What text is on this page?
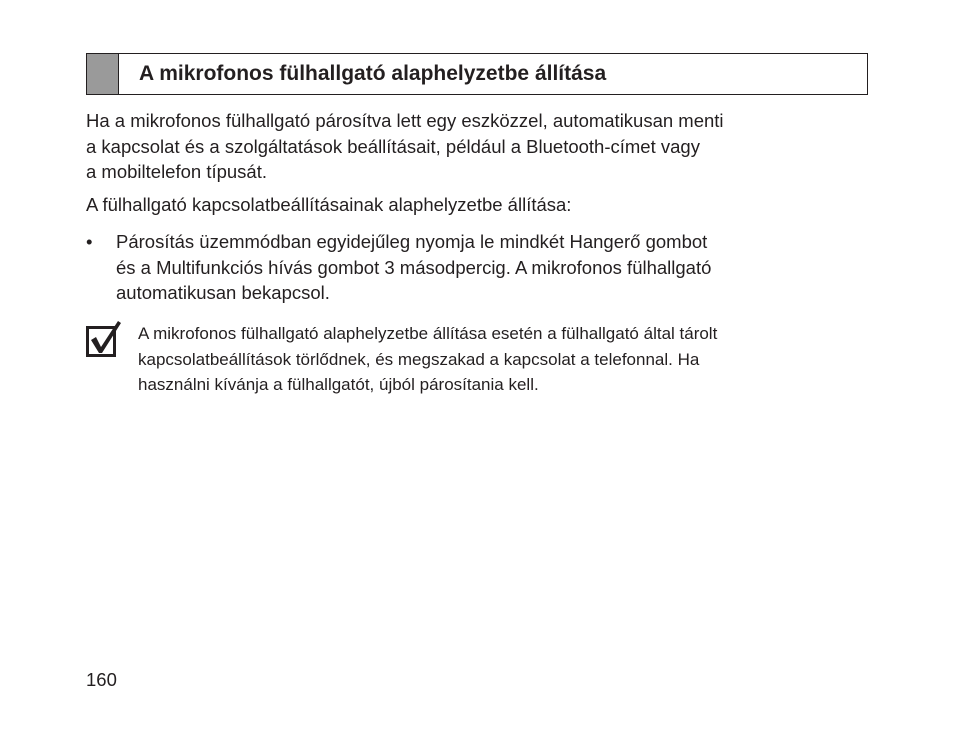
A mikrofonos fülhallgató alaphelyzetbe állítása

Ha a mikrofonos fülhallgató párosítva lett egy eszközzel, automatikusan menti
a kapcsolat és a szolgáltatások beállításait, például a Bluetooth-címet vagy
a mobiltelefon típusát.

A fülhallgató kapcsolatbeállításainak alaphelyzetbe állítása:

• Párosítás üzemmódban egyidejűleg nyomja le mindkét Hangerő gombot
és a Multifunkciós hívás gombot 3 másodpercig. A mikrofonos fülhallgató
automatikusan bekapcsol.

A mikrofonos fülhallgató alaphelyzetbe állítása esetén a fülhallgató által tárolt
kapcsolatbeállítások törlődnek, és megszakad a kapcsolat a telefonnal. Ha
használni kívánja a fülhallgatót, újból párosítania kell.

160
